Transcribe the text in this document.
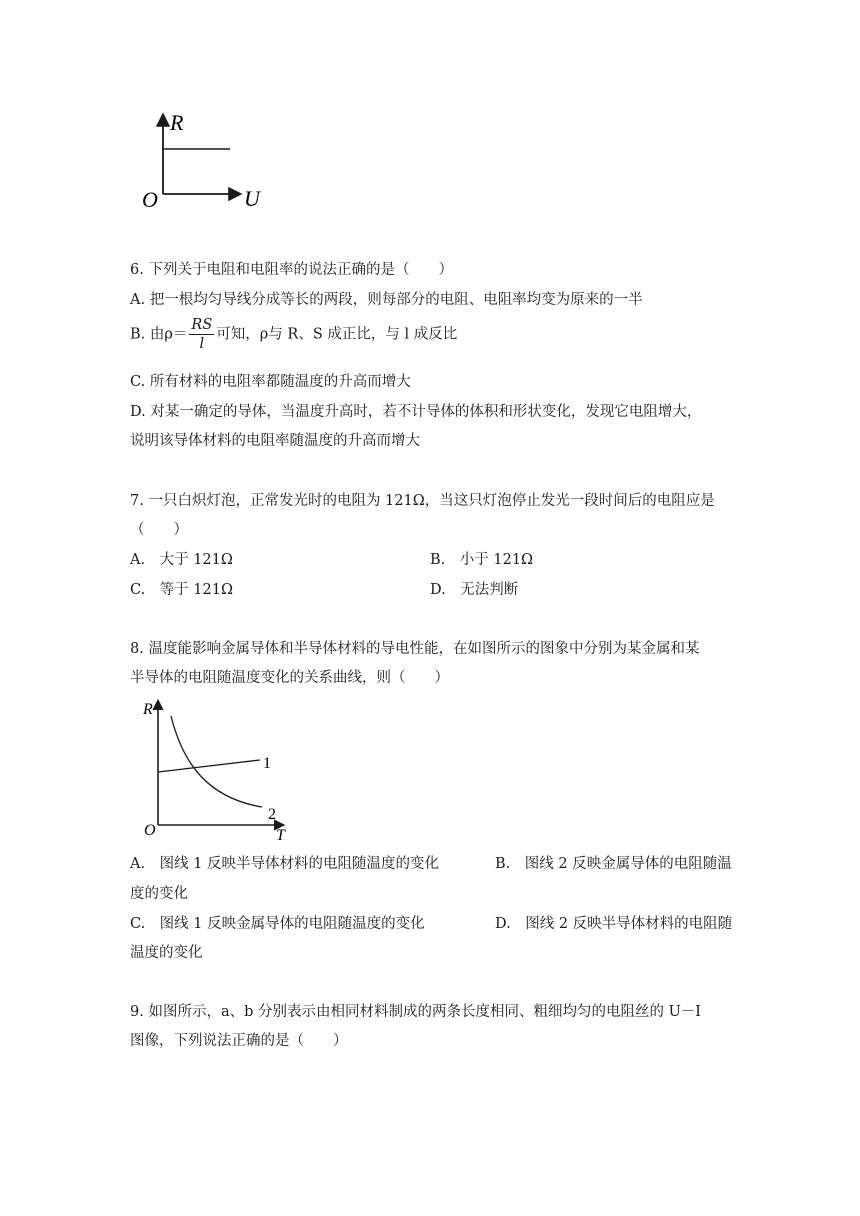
R
U
O
6. 下列关于电阻和电阻率的说法正确的是（　　）
A. 把一根均匀导线分成等长的两段，则每部分的电阻、电阻率均变为原来的一半
B. 由$\rho= \frac{RS}{l}$ 可知，ρ与 R、S 成正比，与 l 成反比
C. 所有材料的电阻率都随温度的升高而增大
D. 对某一确定的导体，当温度升高时，若不计导体的体积和形状变化，发现它电阻增大，
说明该导体材料的电阻率随温度的升高而增大
7. 一只白炽灯泡，正常发光时的电阻为 121Ω，当这只灯泡停止发光一段时间后的电阻应是
（　　）
A.　大于 121Ω	B.　小于 121Ω
C.　等于 121Ω	D.　无法判断
8. 温度能影响金属导体和半导体材料的导电性能，在如图所示的图象中分别为某金属和某
半导体的电阻随温度变化的关系曲线，则（　　）
1
2
R
T
O
A.　图线 1 反映半导体材料的电阻随温度的变化	B.　图线 2 反映金属导体的电阻随温
度的变化
C.　图线 1 反映金属导体的电阻随温度的变化	D.　图线 2 反映半导体材料的电阻随
温度的变化
9. 如图所示，a、b 分别表示由相同材料制成的两条长度相同、粗细均匀的电阻丝的 U－I
图像，下列说法正确的是（　　）
